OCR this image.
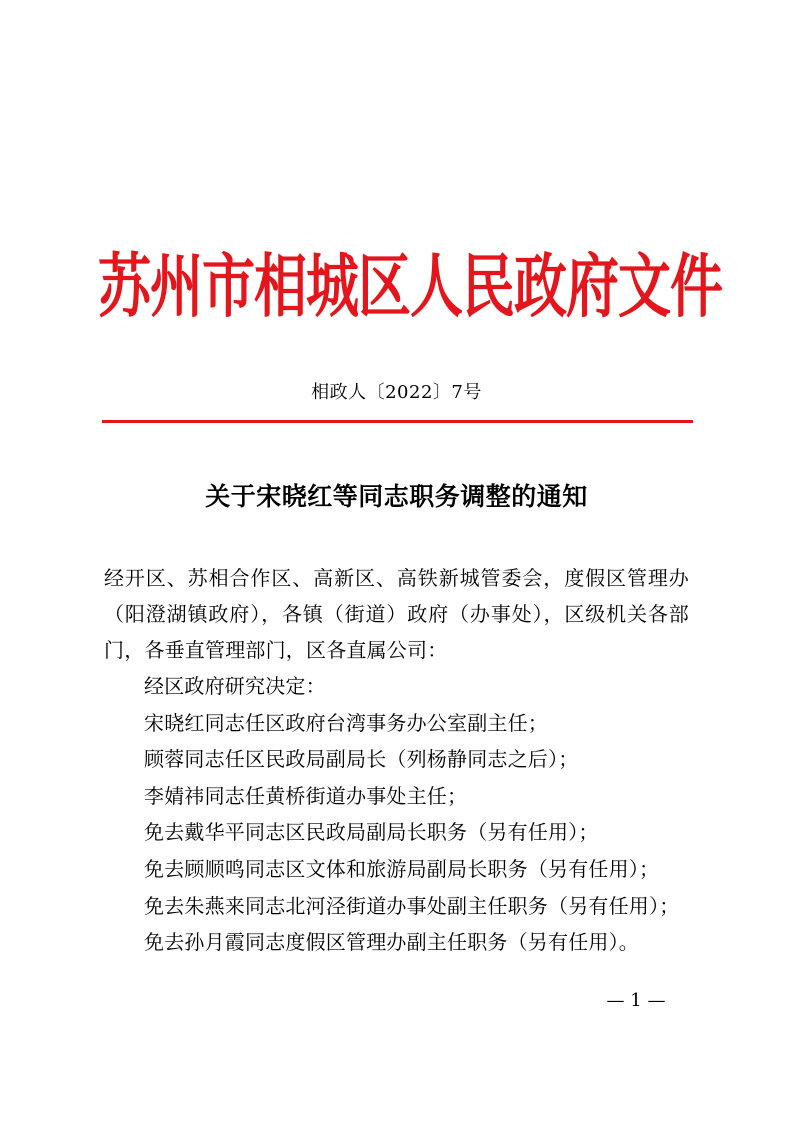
苏州市相城区人民政府文件
相政人〔2022〕7号
关于宋晓红等同志职务调整的通知

经开区、苏相合作区、高新区、高铁新城管委会，度假区管理办（阳澄湖镇政府），各镇（街道）政府（办事处），区级机关各部门，各垂直管理部门，区各直属公司：

经区政府研究决定：

宋晓红同志任区政府台湾事务办公室副主任；
顾蓉同志任区民政局副局长（列杨静同志之后）；
李婧祎同志任黄桥街道办事处主任；
免去戴华平同志区民政局副局长职务（另有任用）；
免去顾顺鸣同志区文体和旅游局副局长职务（另有任用）；
免去朱燕来同志北河泾街道办事处副主任职务（另有任用）；
免去孙月霞同志度假区管理办副主任职务（另有任用）。
— 1 —
